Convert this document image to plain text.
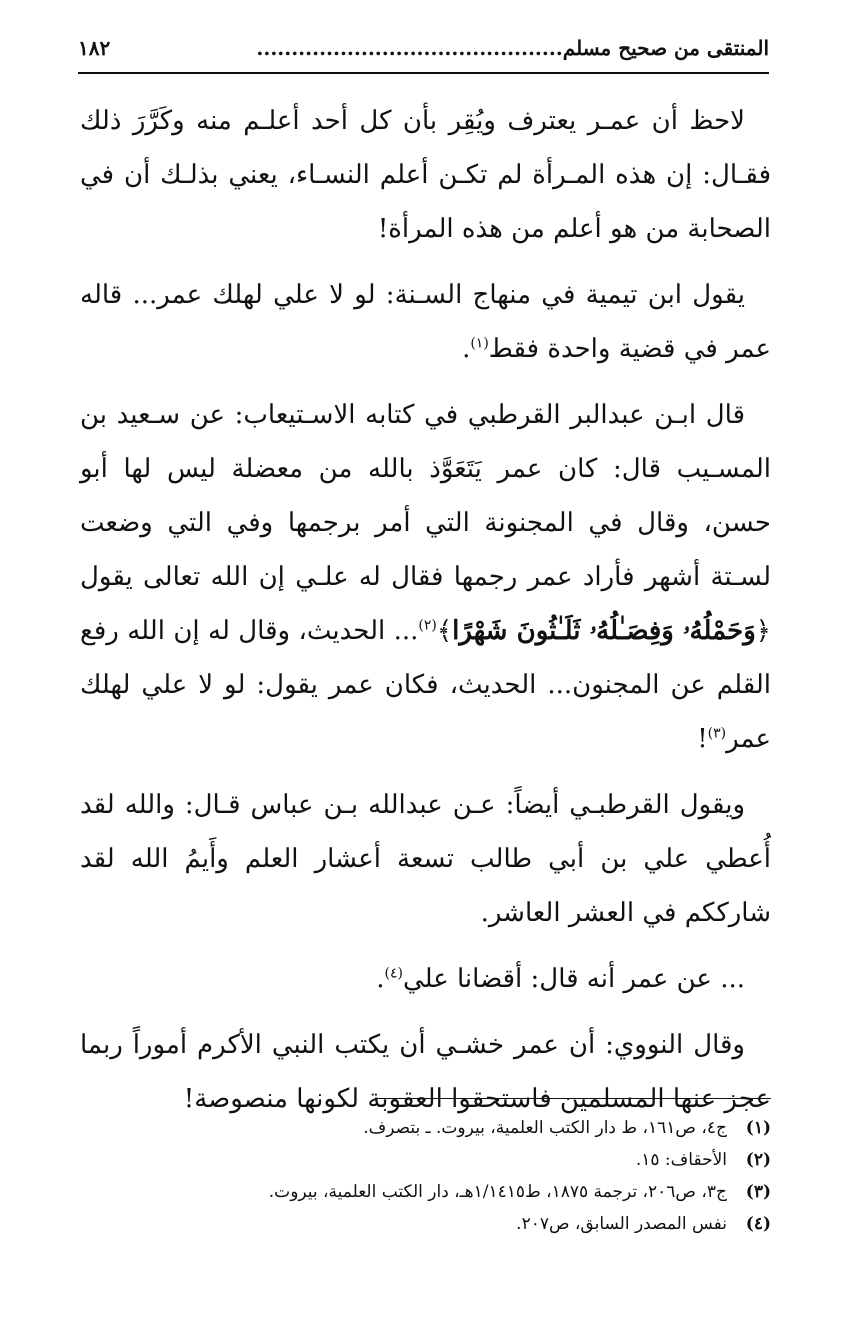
المنتقى من صحيح مسلم............................................
١٨٢

لاحظ أن عمـر يعترف ويُقِر بأن كل أحد أعلـم منه وكَرَّرَ ذلك فقـال: إن هذه المـرأة لم تكـن أعلم النسـاء، يعني بذلـك أن في الصحابة من هو أعلم من هذه المرأة!

يقول ابن تيمية في منهاج السـنة: لو لا علي لهلك عمر... قاله عمر في قضية واحدة فقط$^{(١)}$.

قال ابـن عبدالبر القرطبي في كتابه الاسـتيعاب: عن سـعيد بن المسـيب قال: كان عمر يَتَعَوَّذ بالله من معضلة ليس لها أبو حسن، وقال في المجنونة التي أمر برجمها وفي التي وضعت لسـتة أشهر فأراد عمر رجمها فقال له علـي إن الله تعالى يقول ﴿وَحَمْلُهُۥ وَفِصَـٰلُهُۥ ثَلَـٰثُونَ شَهْرًا﴾$^{(٢)}$... الحديث، وقال له إن الله رفع القلم عن المجنون... الحديث، فكان عمر يقول: لو لا علي لهلك عمر$^{(٣)}$!

ويقول القرطبـي أيضاً: عـن عبدالله بـن عباس قـال: والله لقد أُعطي علي بن أبي طالب تسعة أعشار العلم وأَيمُ الله لقد شارككم في العشر العاشر.

... عن عمر أنه قال: أقضانا علي$^{(٤)}$.

وقال النووي: أن عمر خشـي أن يكتب النبي الأكرم أموراً ربما عجز عنها المسلمين فاستحقوا العقوبة لكونها منصوصة!

(١)
ج٤، ص١٦١، ط دار الكتب العلمية، بيروت. ـ بتصرف.
(٢)
الأحقاف: ١٥.
(٣)
ج٣، ص٢٠٦، ترجمة ١٨٧٥، ط١/١٤١٥هـ، دار الكتب العلمية، بيروت.
(٤)
نفس المصدر السابق، ص٢٠٧.
